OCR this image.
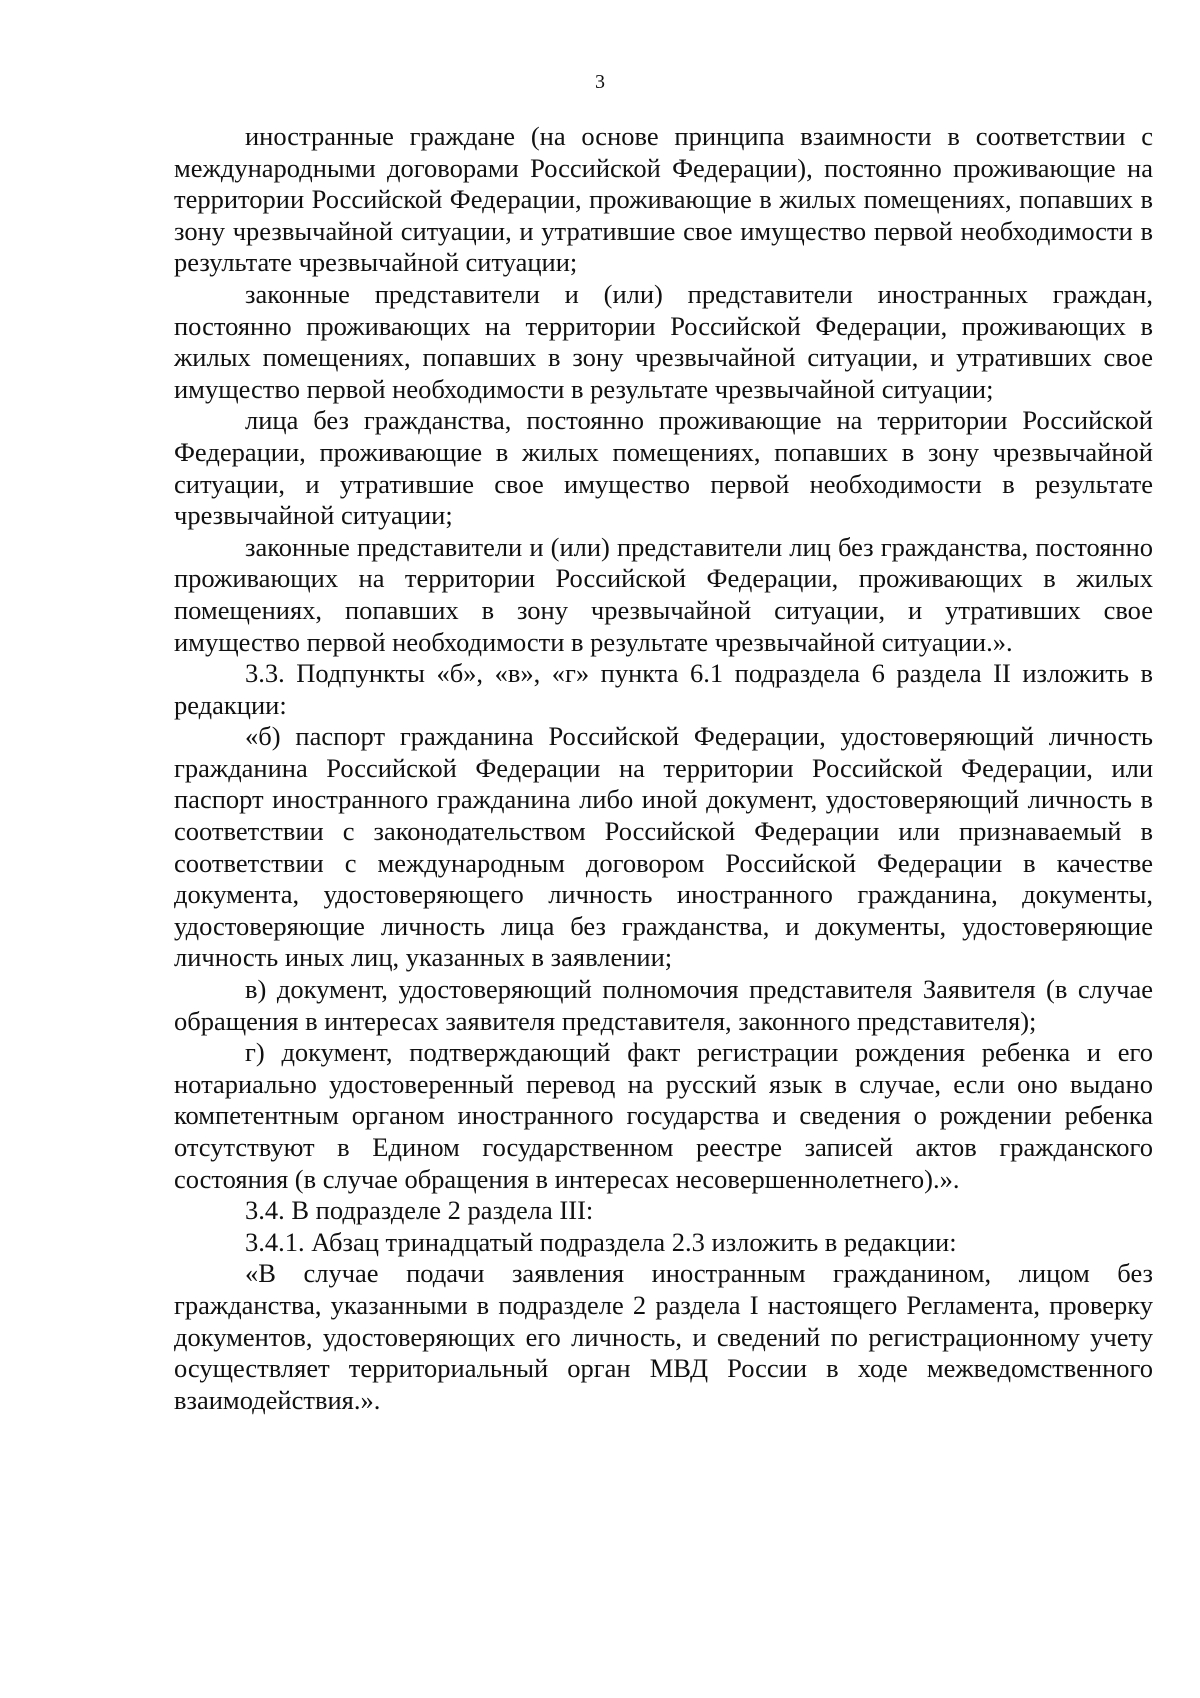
3

иностранные граждане (на основе принципа взаимности в соответствии с международными договорами Российской Федерации), постоянно проживающие на территории Российской Федерации, проживающие в жилых помещениях, попавших в зону чрезвычайной ситуации, и утратившие свое имущество первой необходимости в результате чрезвычайной ситуации;

законные представители и (или) представители иностранных граждан, постоянно проживающих на территории Российской Федерации, проживающих в жилых помещениях, попавших в зону чрезвычайной ситуации, и утративших свое имущество первой необходимости в результате чрезвычайной ситуации;

лица без гражданства, постоянно проживающие на территории Российской Федерации, проживающие в жилых помещениях, попавших в зону чрезвычайной ситуации, и утратившие свое имущество первой необходимости в результате чрезвычайной ситуации;

законные представители и (или) представители лиц без гражданства, постоянно проживающих на территории Российской Федерации, проживающих в жилых помещениях, попавших в зону чрезвычайной ситуации, и утративших свое имущество первой необходимости в результате чрезвычайной ситуации.».

3.3. Подпункты «б», «в», «г» пункта 6.1 подраздела 6 раздела II изложить в редакции:

«б) паспорт гражданина Российской Федерации, удостоверяющий личность гражданина Российской Федерации на территории Российской Федерации, или паспорт иностранного гражданина либо иной документ, удостоверяющий личность в соответствии с законодательством Российской Федерации или признаваемый в соответствии с международным договором Российской Федерации в качестве документа, удостоверяющего личность иностранного гражданина, документы, удостоверяющие личность лица без гражданства, и документы, удостоверяющие личность иных лиц, указанных в заявлении;

в) документ, удостоверяющий полномочия представителя Заявителя (в случае обращения в интересах заявителя представителя, законного представителя);

г) документ, подтверждающий факт регистрации рождения ребенка и его нотариально удостоверенный перевод на русский язык в случае, если оно выдано компетентным органом иностранного государства и сведения о рождении ребенка отсутствуют в Едином государственном реестре записей актов гражданского состояния (в случае обращения в интересах несовершеннолетнего).».

3.4. В подразделе 2 раздела III:

3.4.1. Абзац тринадцатый подраздела 2.3 изложить в редакции:

«В случае подачи заявления иностранным гражданином, лицом без гражданства, указанными в подразделе 2 раздела I настоящего Регламента, проверку документов, удостоверяющих его личность, и сведений по регистрационному учету осуществляет территориальный орган МВД России в ходе межведомственного взаимодействия.».
